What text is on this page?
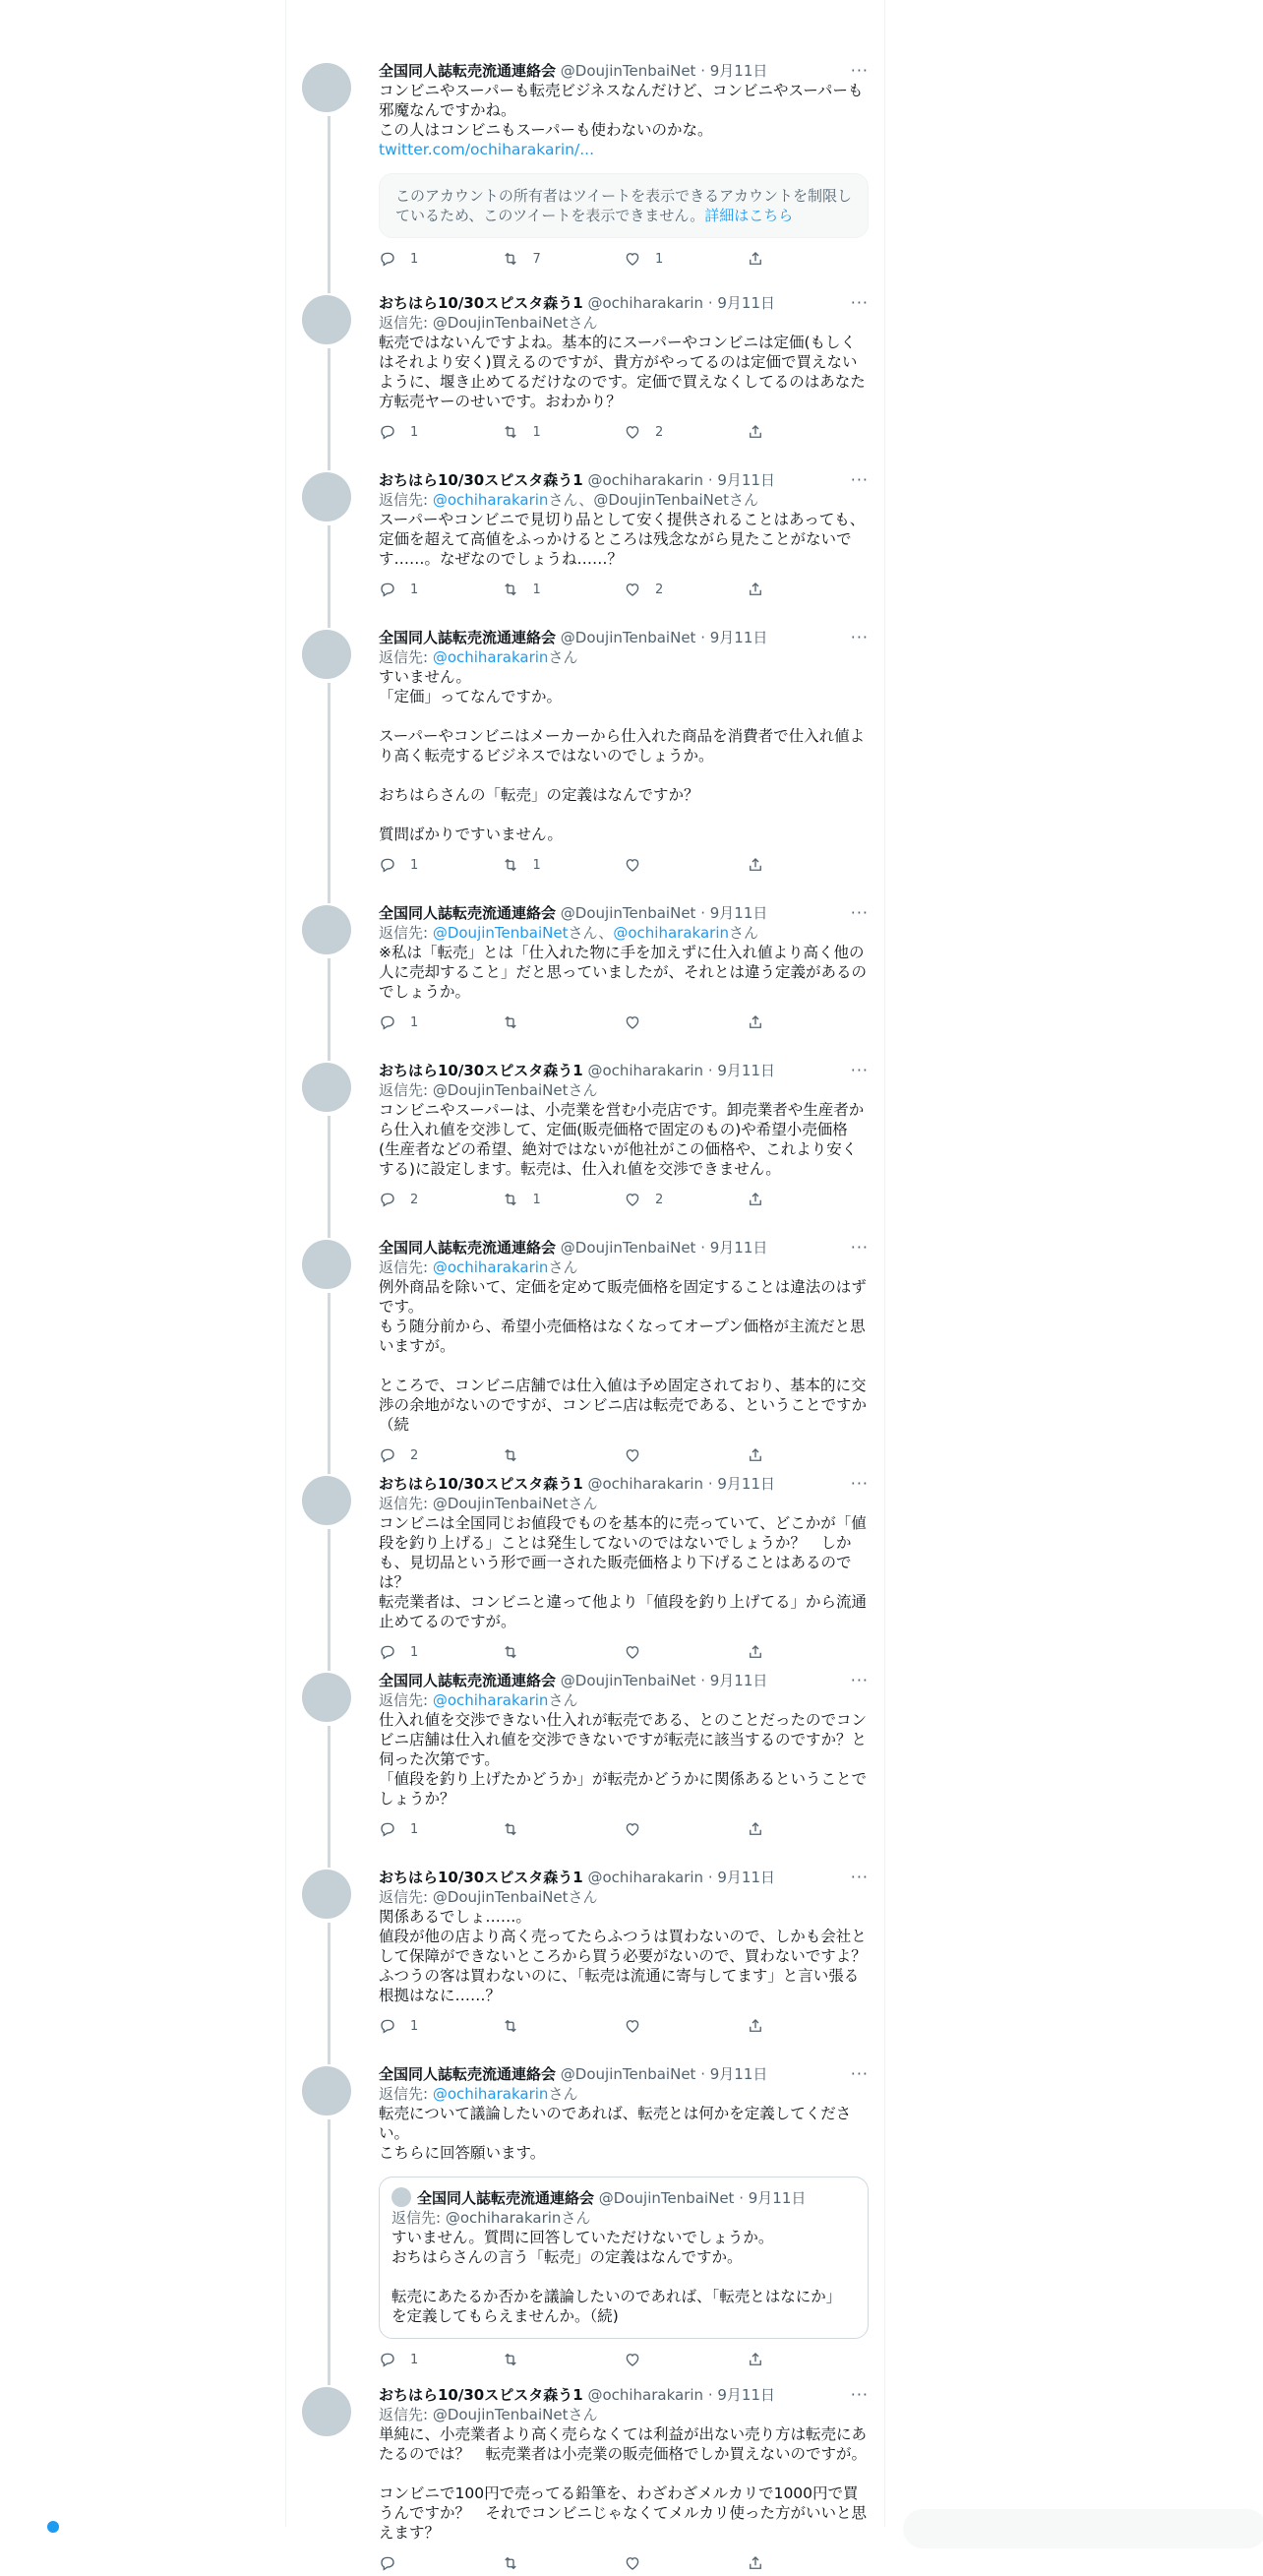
···
全国同人誌転売流通連絡会 @DoujinTenbaiNet · 9月11日
コンビニやスーパーも転売ビジネスなんだけど、コンビニやスーパーも邪魔なんですかね。
この人はコンビニもスーパーも使わないのかな。
twitter.com/ochiharakarin/...
このアカウントの所有者はツイートを表示できるアカウントを制限しているため、このツイートを表示できません。詳細はこちら
1	7	1
···
おちはら10/30スピスタ森う1 @ochiharakarin · 9月11日
返信先: @DoujinTenbaiNetさん
転売ではないんですよね。基本的にスーパーやコンビニは定価(もしくはそれより安く)買えるのですが、貴方がやってるのは定価で買えないように、堰き止めてるだけなのです。定価で買えなくしてるのはあなた方転売ヤーのせいです。おわかり？
1	1	2
···
おちはら10/30スピスタ森う1 @ochiharakarin · 9月11日
返信先: @ochiharakarinさん、@DoujinTenbaiNetさん
スーパーやコンビニで見切り品として安く提供されることはあっても、定価を超えて高値をふっかけるところは残念ながら見たことがないです……。なぜなのでしょうね……？
1	1	2
···
全国同人誌転売流通連絡会 @DoujinTenbaiNet · 9月11日
返信先: @ochiharakarinさん
すいません。
「定価」ってなんですか。

スーパーやコンビニはメーカーから仕入れた商品を消費者で仕入れ値より高く転売するビジネスではないのでしょうか。

おちはらさんの「転売」の定義はなんですか？

質問ばかりですいません。
1	1
···
全国同人誌転売流通連絡会 @DoujinTenbaiNet · 9月11日
返信先: @DoujinTenbaiNetさん、@ochiharakarinさん
※私は「転売」とは「仕入れた物に手を加えずに仕入れ値より高く他の人に売却すること」だと思っていましたが、それとは違う定義があるのでしょうか。
1
···
おちはら10/30スピスタ森う1 @ochiharakarin · 9月11日
返信先: @DoujinTenbaiNetさん
コンビニやスーパーは、小売業を営む小売店です。卸売業者や生産者から仕入れ値を交渉して、定価(販売価格で固定のもの)や希望小売価格(生産者などの希望、絶対ではないが他社がこの価格や、これより安くする)に設定します。転売は、仕入れ値を交渉できません。
2	1	2
···
全国同人誌転売流通連絡会 @DoujinTenbaiNet · 9月11日
返信先: @ochiharakarinさん
例外商品を除いて、定価を定めて販売価格を固定することは違法のはずです。
もう随分前から、希望小売価格はなくなってオープン価格が主流だと思いますが。

ところで、コンビニ店舗では仕入値は予め固定されており、基本的に交渉の余地がないのですが、コンビニ店は転売である、ということですか（続
2
···
おちはら10/30スピスタ森う1 @ochiharakarin · 9月11日
返信先: @DoujinTenbaiNetさん
コンビニは全国同じお値段でものを基本的に売っていて、どこかが「値段を釣り上げる」ことは発生してないのではないでしょうか？　しかも、見切品という形で画一された販売価格より下げることはあるのでは？
転売業者は、コンビニと違って他より「値段を釣り上げてる」から流通止めてるのですが。
1
···
全国同人誌転売流通連絡会 @DoujinTenbaiNet · 9月11日
返信先: @ochiharakarinさん
仕入れ値を交渉できない仕入れが転売である、とのことだったのでコンビニ店舗は仕入れ値を交渉できないですが転売に該当するのですか？と伺った次第です。
「値段を釣り上げたかどうか」が転売かどうかに関係あるということでしょうか？
1
···
おちはら10/30スピスタ森う1 @ochiharakarin · 9月11日
返信先: @DoujinTenbaiNetさん
関係あるでしょ……。
値段が他の店より高く売ってたらふつうは買わないので、しかも会社として保障ができないところから買う必要がないので、買わないですよ？　ふつうの客は買わないのに、「転売は流通に寄与してます」と言い張る根拠はなに……？
1
···
全国同人誌転売流通連絡会 @DoujinTenbaiNet · 9月11日
返信先: @ochiharakarinさん
転売について議論したいのであれば、転売とは何かを定義してください。
こちらに回答願います。
全国同人誌転売流通連絡会 @DoujinTenbaiNet · 9月11日
返信先: @ochiharakarinさん
すいません。質問に回答していただけないでしょうか。
おちはらさんの言う「転売」の定義はなんですか。

転売にあたるか否かを議論したいのであれば、「転売とはなにか」を定義してもらえませんか。（続)
1
···
おちはら10/30スピスタ森う1 @ochiharakarin · 9月11日
返信先: @DoujinTenbaiNetさん
単純に、小売業者より高く売らなくては利益が出ない売り方は転売にあたるのでは？　転売業者は小売業の販売価格でしか買えないのですが。

コンビニで100円で売ってる鉛筆を、わざわざメルカリで1000円で買うんですか？　それでコンビニじゃなくてメルカリ使った方がいいと思えます？
